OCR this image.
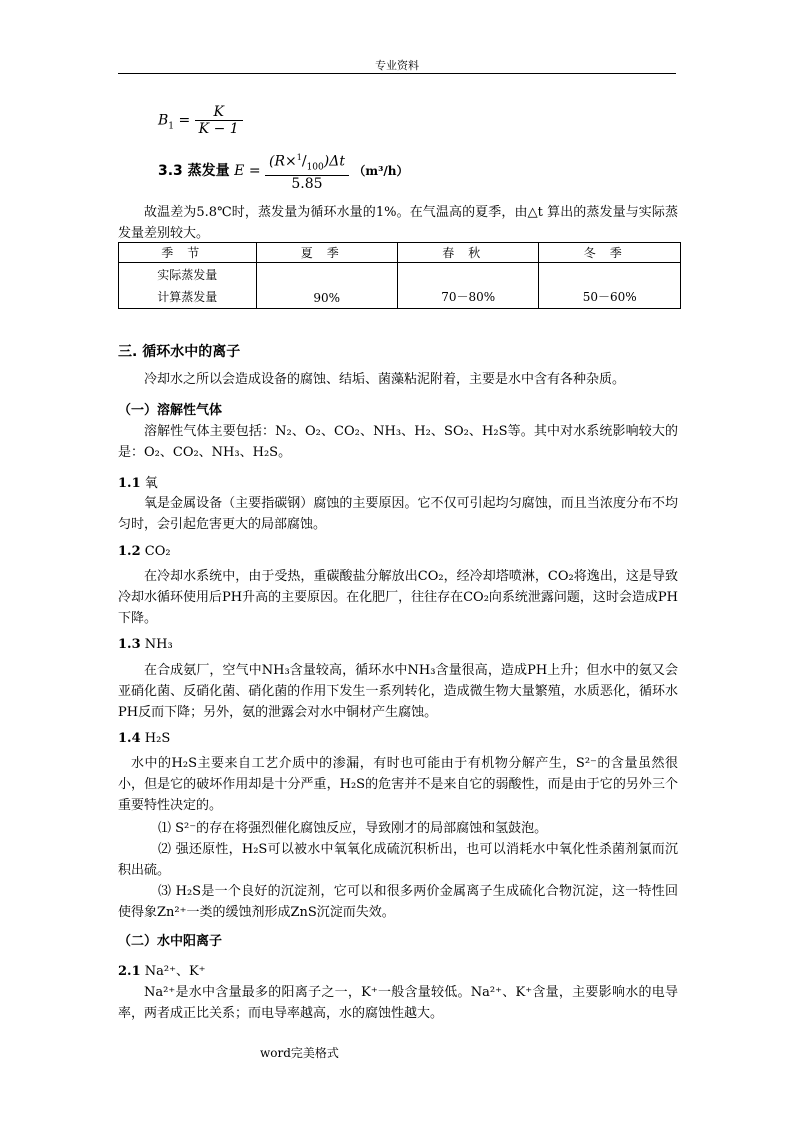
专业资料
$B_1 = \frac{K}{K - 1}$
3.3 蒸发量 $E = \frac{(R\times^1/_{100})\Delta t}{5.85} (m^3/h)$
故温差为5.8℃时，蒸发量为循环水量的1%。在气温高的夏季，由△t 算出的蒸发量与实际蒸发量差别较大。
季节	夏季	春秋	冬季

实际蒸发量
计算蒸发量	90%	70－80%	50－60%
三. 循环水中的离子
冷却水之所以会造成设备的腐蚀、结垢、菌藻粘泥附着，主要是水中含有各种杂质。
（一）溶解性气体
溶解性气体主要包括：N₂、O₂、CO₂、NH₃、H₂、SO₂、H₂S等。其中对水系统影响较大的是：O₂、CO₂、NH₃、H₂S。
1.1 氧
氧是金属设备（主要指碳钢）腐蚀的主要原因。它不仅可引起均匀腐蚀，而且当浓度分布不均匀时，会引起危害更大的局部腐蚀。
1.2 CO₂
在冷却水系统中，由于受热，重碳酸盐分解放出CO₂，经冷却塔喷淋，CO₂将逸出，这是导致冷却水循环使用后PH升高的主要原因。在化肥厂，往往存在CO₂向系统泄露问题，这时会造成PH下降。
1.3 NH₃
在合成氨厂，空气中NH₃含量较高，循环水中NH₃含量很高，造成PH上升；但水中的氨又会亚硝化菌、反硝化菌、硝化菌的作用下发生一系列转化，造成微生物大量繁殖，水质恶化，循环水PH反而下降；另外，氨的泄露会对水中铜材产生腐蚀。
1.4 H₂S
水中的H₂S主要来自工艺介质中的渗漏，有时也可能由于有机物分解产生，S²⁻的含量虽然很小，但是它的破坏作用却是十分严重，H₂S的危害并不是来自它的弱酸性，而是由于它的另外三个重要特性决定的。
⑴ S²⁻的存在将强烈催化腐蚀反应，导致刚才的局部腐蚀和氢鼓泡。
⑵ 强还原性，H₂S可以被水中氧氧化成硫沉积析出，也可以消耗水中氧化性杀菌剂氯而沉积出硫。
⑶ H₂S是一个良好的沉淀剂，它可以和很多两价金属离子生成硫化合物沉淀，这一特性回使得象Zn²⁺一类的缓蚀剂形成ZnS沉淀而失效。
（二）水中阳离子
2.1 Na²⁺、K⁺
Na²⁺是水中含量最多的阳离子之一，K⁺一般含量较低。Na²⁺、K⁺含量，主要影响水的电导率，两者成正比关系；而电导率越高，水的腐蚀性越大。
word完美格式
